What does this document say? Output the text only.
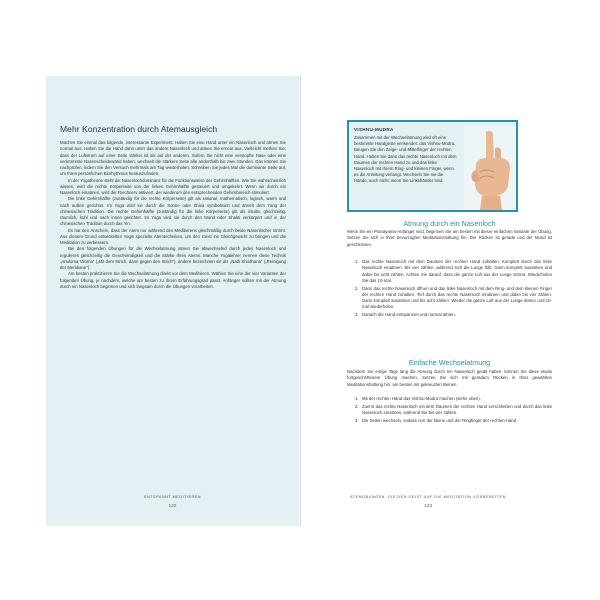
Mehr Konzentration durch Atemausgleich

Machen Sie einmal das folgende, interessante Experiment: Halten Sie eine Hand unter ein Nasenloch und atmen Sie normal aus. Halten Sie die Hand dann unter das andere Nasenloch und atmen Sie erneut aus. Vielleicht merken Sie, dass der Luftstrom auf einer Seite stärker ist als auf der anderen. Sofern Sie nicht eine verstopfte Nase oder eine verkrümmte Nasenscheidewand haben, wechselt die stärkere Seite alle anderthalb bis zwei Stunden. Das können Sie nachprüfen, indem Sie den Versuch mehrmals am Tag wiederholen. Schreiben Sie jedes Mal die dominante Seite auf, um Ihren persönlichen Biorhythmus herauszufinden.

In der Yogatheorie steht die Nasenlochdominanz für die Funktionsweise der Gehirnhälften. Wie Sie wahrscheinlich wissen, wird die rechte Körperseite von der linken Gehirnhälfte gesteuert und umgekehrt. Wenn wir durch ein Nasenloch einatmen, wird der Riechnerv aktiviert, der wiederum den entsprechenden Gehirnbereich stimuliert.

Die linke Gehirnhälfte (zuständig für die rechte Körperseite) gilt als rational, mathematisch, logisch, warm und nach außen gerichtet. Im Yoga wird sie durch die Sonne oder Shiva symbolisiert und ähnelt dem Yang der chinesischen Tradition. Die rechte Gehirnhälfte (zuständig für die linke Körperseite) gilt als intuitiv, gleichzeitig, räumlich, kühl und nach innen gerichtet. Im Yoga wird sie durch den Mond oder Shakti verkörpert und in der chinesischen Tradition durch das Yin.

Es hat den Anschein, dass der Atem nur während des Meditierens gleichmäßig durch beide Nasenlöcher strömt. Aus diesem Grund entwickelten Yogis spezielle Atemtechniken, um den Geist ins Gleichgewicht zu bringen und die Meditation zu verbessern.

Bei den folgenden Übungen für die Wechselatmung atmen Sie abwechselnd durch jedes Nasenloch und regulieren gleichzeitig die Geschwindigkeit und die Stärke Ihres Atems. Manche Yogalehrer nennen diese Technik „Anuloma Viloma“ („Mit dem Strich, dann gegen den Strich“), andere bezeichnen sie als „Nadi Shodhana“ („Reinigung der Meridiane“).

Am besten praktizieren Sie die Wechselatmung direkt vor dem Meditieren. Wählen Sie eine der vier Varianten der folgenden Übung, je nachdem, welche am besten zu Ihrem Erfahrungsgrad passt. Anfänger sollten mit der Atmung durch ein Nasenloch beginnen und sich langsam durch die Übungen vorarbeiten.

ENTSPANNT MEDITIEREN
122
VISHNU-MUDRA
Zusammen mit der Wechselatmung wird oft eine bestimmte Handgeste verwendet: das Vishnu-Mudra. Beugen Sie den Zeige- und Mittelfinger der rechten Hand. Halten Sie dann das rechte Nasenloch mit dem Daumen der rechten Hand zu und das linke Nasenloch mit Ihrem Ring- und kleinen Finger, wenn es die Anleitung verlangt. Wechseln Sie nie die Hände, auch nicht, wenn Sie Linkshänder sind.
Atmung durch ein Nasenloch
Wenn Sie ein Pranayama-Anfänger sind, beginnen Sie am besten mit dieser einfachen Variante der Übung. Setzen Sie sich in Ihrer bevorzugten Meditationshaltung hin. Der Rücken ist gerade und der Mund ist geschlossen.
1. Das rechte Nasenloch mit dem Daumen der rechten Hand zuhalten. Komplett durch das linke Nasenloch einatmen. Bis vier zählen, während sich die Lunge füllt. Dann komplett ausatmen und dabei bis acht zählen. Achten Sie darauf, dass die ganze Luft aus der Lunge strömt. Wiederholen Sie das 10-mal.
2. Dann das rechte Nasenloch öffnen und das linke Nasenloch mit dem Ring- und dem kleinen Finger der rechten Hand zuhalten. Tief durch das rechte Nasenloch einatmen und dabei bis vier zählen. Dann komplett ausatmen und bis acht zählen. Wieder die ganze Luft aus der Lunge atmen und 10-mal wiederholen.
3. Danach die Hand entspannen und normal atmen.
Einfache Wechselatmung
Nachdem Sie einige Tage lang die Atmung durch ein Nasenloch geübt haben, können Sie diese etwas fortgeschrittenere Übung machen. Setzen Sie sich mit geradem Rücken in Ihrer gewählten Meditationshaltung hin, am besten mit gekreuzten Beinen.
1. Mit der rechten Hand das Vishnu-Mudra machen (siehe oben).
2. Zuerst das rechte Nasenloch mit dem Daumen der rechten Hand verschließen und durch das linke Nasenloch einatmen, während Sie bis vier zählen.
3. Die Seiten wechseln, sodass nun der kleine und der Ringfinger der rechten Hand
ATEMÜBUNGEN, DIE DEN GEIST AUF DIE MEDITATION VORBEREITEN
123
